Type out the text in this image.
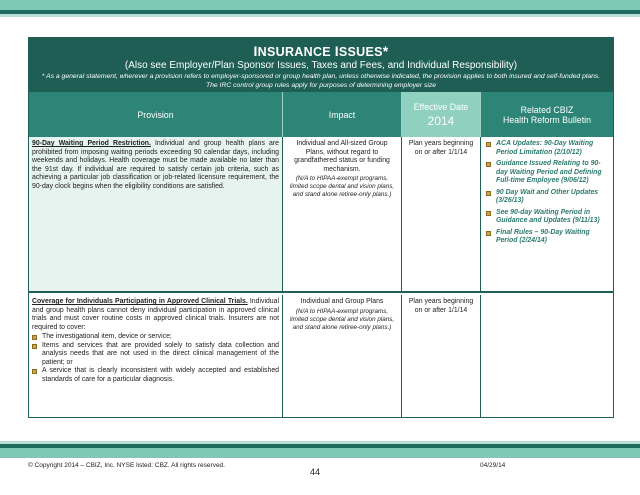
INSURANCE ISSUES*
(Also see Employer/Plan Sponsor Issues, Taxes and Fees, and Individual Responsibility)
* As a general statement, wherever a provision refers to employer-sponsored or group health plan, unless otherwise indicated, the provision applies to both insured and self-funded plans. The IRC control group rules apply for purposes of determining employer size
Provision	Impact
Effective Date
2014
Related CBIZ
Health Reform Bulletin
90-Day Waiting Period Restriction. Individual and group health plans are prohibited from imposing waiting periods exceeding 90 calendar days, including weekends and holidays. Health coverage must be made available no later than the 91st day. If individual are required to satisfy certain job criteria, such as achieving a particular job classification or job-related licensure requirement, the 90-day clock begins when the eligibility conditions are satisfied.
Individual and All-sized Group Plans, without regard to grandfathered status or funding mechanism.
(N/A to HIPAA-exempt programs, limited scope dental and vision plans, and stand alone retiree-only plans.)
Plan years beginning on or after 1/1/14
ACA Updates: 90-Day Waiting Period Limitation (2/10/12)
Guidance Issued Relating to 90-day Waiting Period and Defining Full-time Employee (9/06/12)
90 Day Wait and Other Updates (3/26/13)
See 90-day Waiting Period in Guidance and Updates (9/11/13)
Final Rules – 90-Day Waiting Period (2/24/14)
Coverage for Individuals Participating in Approved Clinical Trials. Individual and group health plans cannot deny individual participation in approved clinical trials and must cover routine costs in approved clinical trials. Insurers are not required to cover:
The investigational item, device or service;
Items and services that are provided solely to satisfy data collection and analysis needs that are not used in the direct clinical management of the patient; or
A service that is clearly inconsistent with widely accepted and established standards of care for a particular diagnosis.
Individual and Group Plans
(N/A to HIPAA-exempt programs, limited scope dental and vision plans, and stand alone retiree-only plans.)
Plan years beginning on or after 1/1/14
© Copyright 2014 – CBIZ, Inc. NYSE listed: CBZ. All rights reserved.
44
04/29/14
